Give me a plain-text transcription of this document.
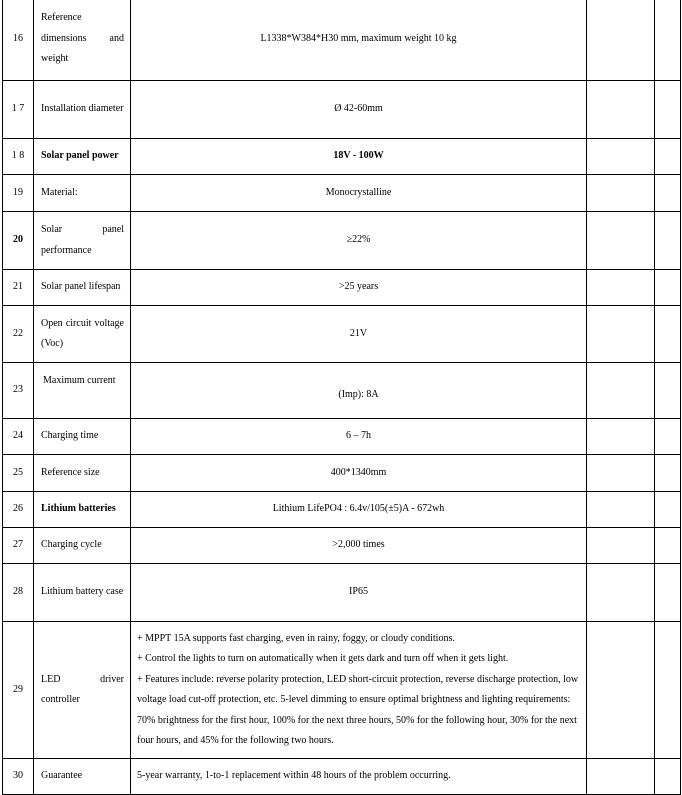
16	Reference dimensions and weight	L1338*W384*H30 mm, maximum weight 10 kg		
1 7	Installation diameter	Ø 42-60mm		
1 8	Solar panel power	18V - 100W		
19	Material:	Monocrystalline		
20	Solar panel performance	≥22%		
21	Solar panel lifespan	>25 years		
22	Open circuit voltage (Voc)	21V		
23	Maximum current	(Imp): 8A		
24	Charging time	6 – 7h		
25	Reference size	400*1340mm		
26	Lithium batteries	Lithium LifePO4 : 6.4v/105(±5)A - 672wh		
27	Charging cycle	>2,000 times		
28	Lithium battery case	IP65		
29	LED driver controller	+ MPPT 15A supports fast charging, even in rainy, foggy, or cloudy conditions.
+ Control the lights to turn on automatically when it gets dark and turn off when it gets light.
+ Features include: reverse polarity protection, LED short-circuit protection, reverse discharge protection, low voltage load cut-off protection, etc. 5-level dimming to ensure optimal brightness and lighting requirements: 70% brightness for the first hour, 100% for the next three hours, 50% for the following hour, 30% for the next four hours, and 45% for the following two hours.		

30	Guarantee	5-year warranty, 1-to-1 replacement within 48 hours of the problem occurring.		
